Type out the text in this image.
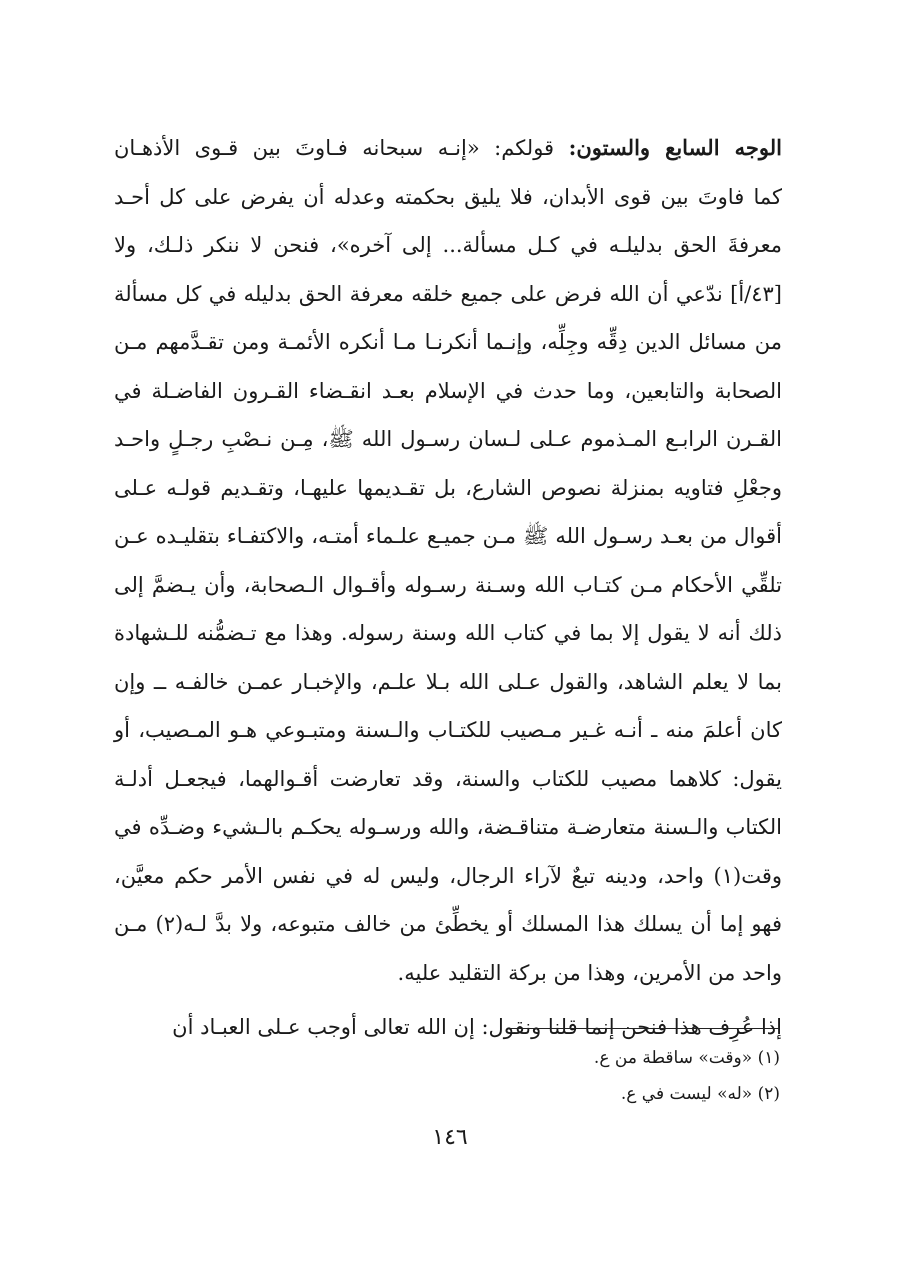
الوجه السابع والستون: قولكم: «إنـه سبحانه فـاوتَ بين قـوى الأذهـان
كما فاوتَ بين قوى الأبدان، فلا يليق بحكمته وعدله أن يفرض على كل أحـد
معرفةَ الحق بدليلـه في كـل مسألة... إلى آخره»، فنحن لا ننكر ذلـك، ولا
[٤٣/أ] ندّعي أن الله فرض على جميع خلقه معرفة الحق بدليله في كل مسألة
من مسائل الدين دِقِّه وجِلِّه، وإنـما أنكرنـا مـا أنكره الأئمـة ومن تقـدَّمهم مـن
الصحابة والتابعين، وما حدث في الإسلام بعـد انقـضاء القـرون الفاضـلة في
القـرن الرابـع المـذموم عـلى لـسان رسـول الله ﷺ، مِـن نـصْبِ رجـلٍ واحـد
وجعْلِ فتاويه بمنزلة نصوص الشارع، بل تقـديمها عليهـا، وتقـديم قولـه عـلى
أقوال من بعـد رسـول الله ﷺ مـن جميـع علـماء أمتـه، والاكتفـاء بتقليـده عـن
تلقِّي الأحكام مـن كتـاب الله وسـنة رسـوله وأقـوال الـصحابة، وأن يـضمَّ إلى
ذلك أنه لا يقول إلا بما في كتاب الله وسنة رسوله. وهذا مع تـضمُّنه للـشهادة
بما لا يعلم الشاهد، والقول عـلى الله بـلا علـم، والإخبـار عمـن خالفـه ــ وإن
كان أعلمَ منه ـ أنـه غـير مـصيب للكتـاب والـسنة ومتبـوعي هـو المـصيب، أو
يقول: كلاهما مصيب للكتاب والسنة، وقد تعارضت أقـوالهما، فيجعـل أدلـة
الكتاب والـسنة متعارضـة متناقـضة، والله ورسـوله يحكـم بالـشيء وضـدِّه في
وقت(١) واحد، ودينه تبعٌ لآراء الرجال، وليس له في نفس الأمر حكم معيَّن،
فهو إما أن يسلك هذا المسلك أو يخطِّئ من خالف متبوعه، ولا بدَّ لـه(٢) مـن
واحد من الأمرين، وهذا من بركة التقليد عليه.
إذا عُرِف هذا فنحن إنما قلنا ونقول: إن الله تعالى أوجب عـلى العبـاد أن
(١) «وقت» ساقطة من ع.
(٢) «له» ليست في ع.
١٤٦
